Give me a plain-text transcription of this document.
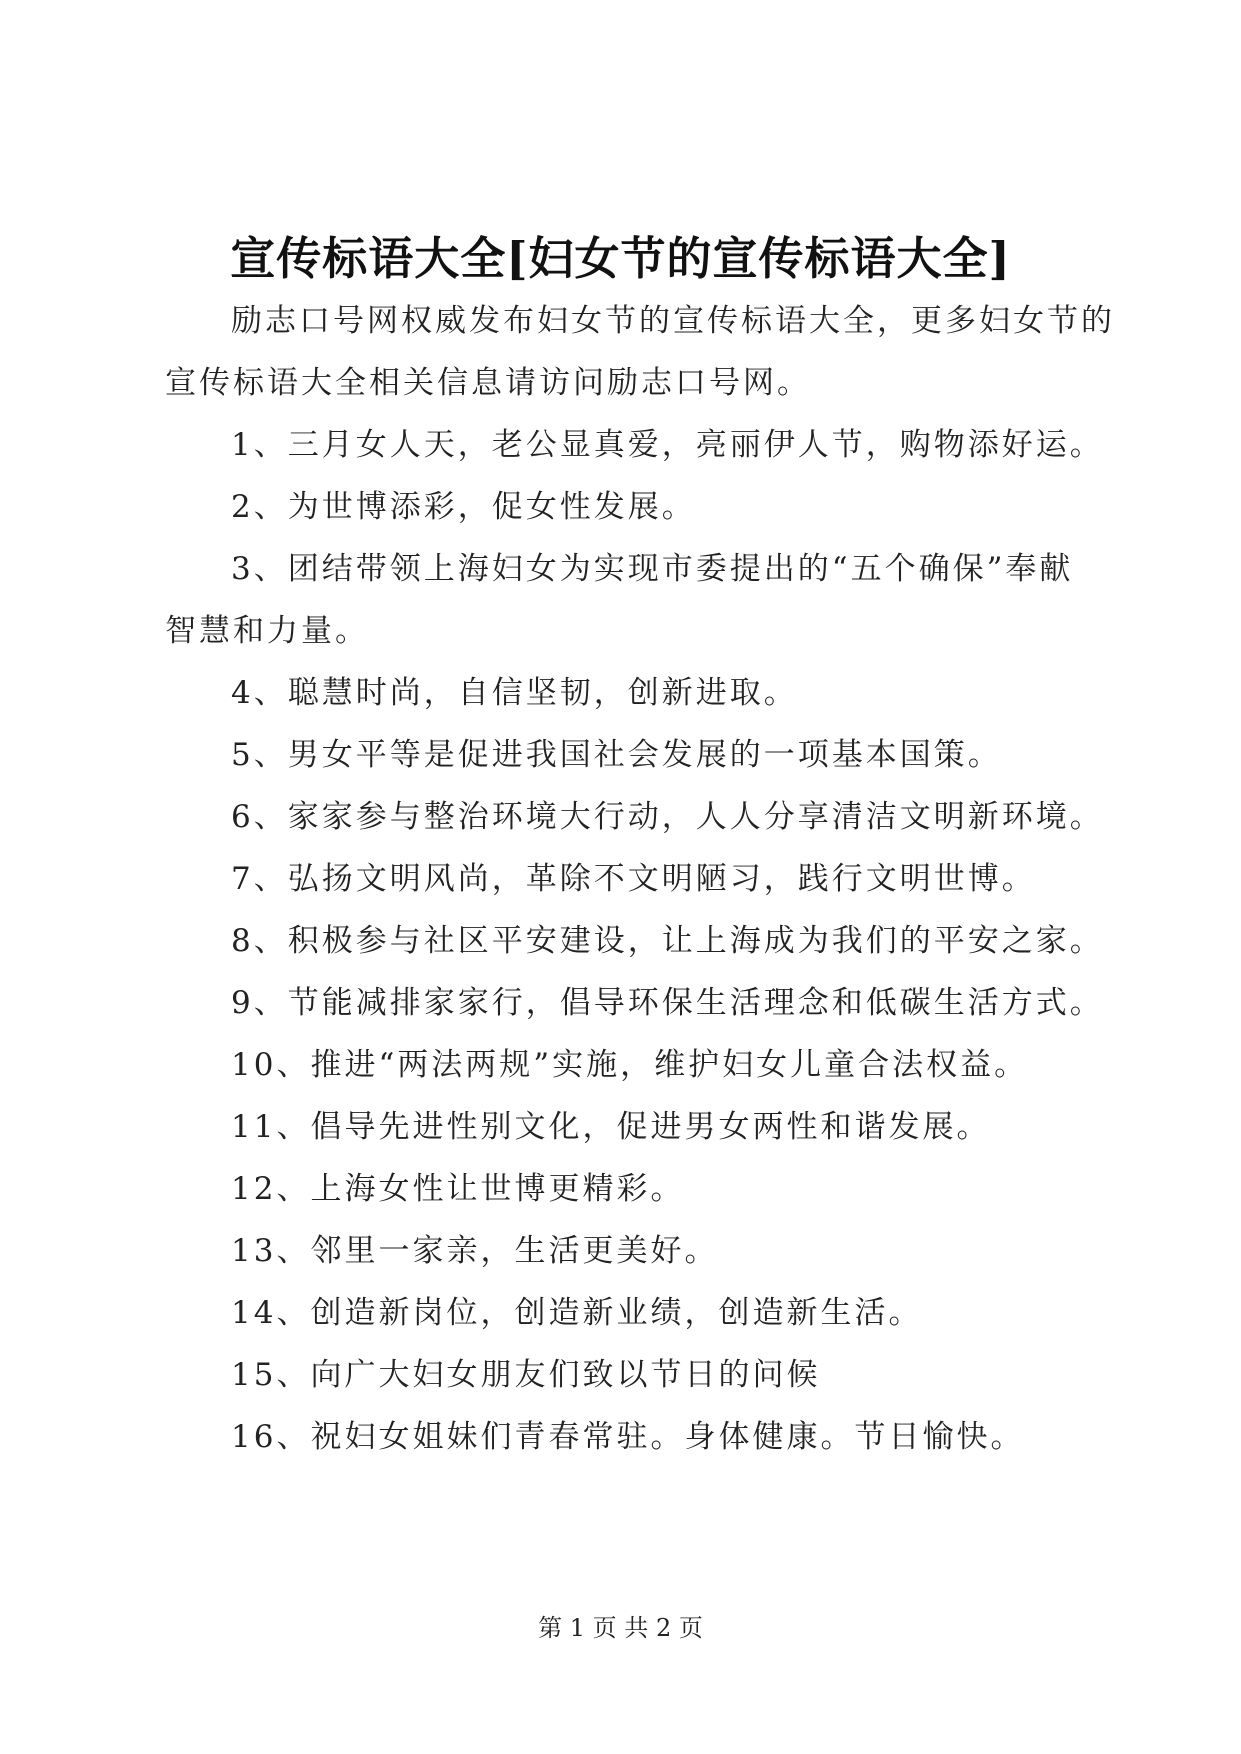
宣传标语大全[妇女节的宣传标语大全]
励志口号网权威发布妇女节的宣传标语大全，更多妇女节的
宣传标语大全相关信息请访问励志口号网。

1、三月女人天，老公显真爱，亮丽伊人节，购物添好运。

2、为世博添彩，促女性发展。

3、团结带领上海妇女为实现市委提出的“五个确保”奉献

智慧和力量。

4、聪慧时尚，自信坚韧，创新进取。

5、男女平等是促进我国社会发展的一项基本国策。

6、家家参与整治环境大行动，人人分享清洁文明新环境。

7、弘扬文明风尚，革除不文明陋习，践行文明世博。

8、积极参与社区平安建设，让上海成为我们的平安之家。

9、节能减排家家行，倡导环保生活理念和低碳生活方式。

10、推进“两法两规”实施，维护妇女儿童合法权益。

11、倡导先进性别文化，促进男女两性和谐发展。

12、上海女性让世博更精彩。

13、邻里一家亲，生活更美好。

14、创造新岗位，创造新业绩，创造新生活。

15、向广大妇女朋友们致以节日的问候

16、祝妇女姐妹们青春常驻。身体健康。节日愉快。

第 1 页 共 2 页
